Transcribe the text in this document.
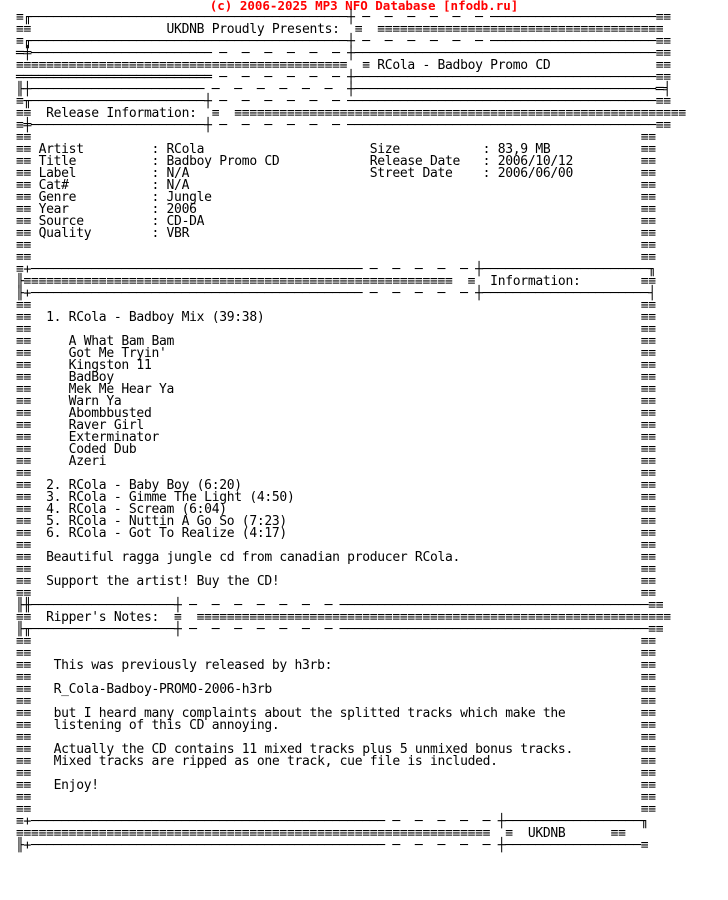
(c) 2006-2025 MP3 NFO Database [nfodb.ru]
≡╓──────────────────────────────────────────┼ ─  ─  ─  ─  ─  ─ ──────────────────────≡≡
≡≡                  UKDNB Proudly Presents:  ≡  ≡≡≡≡≡≡≡≡≡≡≡≡≡≡≡≡≡≡≡≡≡≡≡≡≡≡≡≡≡≡≡≡≡≡≡≡≡≡
≡╓──────────────────────────────────────────┼ ─  ─  ─  ─  ─  ─ ──────────────────────≡≡
═╪──────────────────────── ─  ─  ─  ─  ─  ─ ┼────────────────────────────────────────≡≡
≡≡≡≡≡≡≡≡≡≡≡≡≡≡≡≡≡≡≡≡≡≡≡≡≡≡≡≡≡≡≡≡≡≡≡≡≡≡≡≡≡≡≡≡  ≡ RCola - Badboy Promo CD              ≡≡
══════════════════════════ ─  ─  ─  ─  ─  ─ ┼────────────────────────────────────────≡≡
╟┼─────────────────────── ─  ─  ─  ─  ─  ─  ┼────────────────────────────────────────═╡
≡╥───────────────────────┼ ─  ─  ─  ─  ─  ─ ─────────────────────────────────────────≡≡
≡≡  Release Information:  ≡  ≡≡≡≡≡≡≡≡≡≡≡≡≡≡≡≡≡≡≡≡≡≡≡≡≡≡≡≡≡≡≡≡≡≡≡≡≡≡≡≡≡≡≡≡≡≡≡≡≡≡≡≡≡≡≡≡≡≡≡≡
≡╪───────────────────────┼ ─  ─  ─  ─  ─  ─ ─────────────────────────────────────────≡≡
≡≡                                                                                 ≡≡
≡≡ Artist         : RCola                      Size           : 83,9 MB            ≡≡
≡≡ Title          : Badboy Promo CD            Release Date   : 2006/10/12         ≡≡
≡≡ Label          : N/A                        Street Date    : 2006/06/00         ≡≡
≡≡ Cat#           : N/A                                                            ≡≡
≡≡ Genre          : Jungle                                                         ≡≡
≡≡ Year           : 2006                                                           ≡≡
≡≡ Source         : CD-DA                                                          ≡≡
≡≡ Quality        : VBR                                                            ≡≡
≡≡                                                                                 ≡≡
≡≡                                                                                 ≡≡
≡+──────────────────────────────────────────── ─  ─  ─  ─  ─ ┼──────────────────────╖
╟≡≡≡≡≡≡≡≡≡≡≡≡≡≡≡≡≡≡≡≡≡≡≡≡≡≡≡≡≡≡≡≡≡≡≡≡≡≡≡≡≡≡≡≡≡≡≡≡≡≡≡≡≡≡≡≡≡  ≡  Information:        ≡≡
╟+──────────────────────────────────────────── ─  ─  ─  ─  ─ ┼──────────────────────┤
≡≡                                                                                 ≡≡
≡≡  1. RCola - Badboy Mix (39:38)                                                  ≡≡
≡≡                                                                                 ≡≡
≡≡     A What Bam Bam                                                              ≡≡
≡≡     Got Me Tryin'                                                               ≡≡
≡≡     Kingston 11                                                                 ≡≡
≡≡     BadBoy                                                                      ≡≡
≡≡     Mek Me Hear Ya                                                              ≡≡
≡≡     Warn Ya                                                                     ≡≡
≡≡     Abombbusted                                                                 ≡≡
≡≡     Raver Girl                                                                  ≡≡
≡≡     Exterminator                                                                ≡≡
≡≡     Coded Dub                                                                   ≡≡
≡≡     Azeri                                                                       ≡≡
≡≡                                                                                 ≡≡
≡≡  2. RCola - Baby Boy (6:20)                                                     ≡≡
≡≡  3. RCola - Gimme The Light (4:50)                                              ≡≡
≡≡  4. RCola - Scream (6:04)                                                       ≡≡
≡≡  5. RCola - Nuttin A Go So (7:23)                                               ≡≡
≡≡  6. RCola - Got To Realize (4:17)                                               ≡≡
≡≡                                                                                 ≡≡
≡≡  Beautiful ragga jungle cd from canadian producer RCola.                        ≡≡
≡≡                                                                                 ≡≡
≡≡  Support the artist! Buy the CD!                                                ≡≡
≡≡                                                                                 ≡≡
╟╫───────────────────┼ ─  ─  ─  ─  ─  ─  ─ ─────────────────────────────────────────≡≡
≡≡  Ripper's Notes:  ≡  ≡≡≡≡≡≡≡≡≡≡≡≡≡≡≡≡≡≡≡≡≡≡≡≡≡≡≡≡≡≡≡≡≡≡≡≡≡≡≡≡≡≡≡≡≡≡≡≡≡≡≡≡≡≡≡≡≡≡≡≡≡≡≡
╟╥───────────────────┼ ─  ─  ─  ─  ─  ─  ─ ─────────────────────────────────────────≡≡
≡≡                                                                                 ≡≡
≡≡                                                                                 ≡≡
≡≡   This was previously released by h3rb:                                         ≡≡
≡≡                                                                                 ≡≡
≡≡   R_Cola-Badboy-PROMO-2006-h3rb                                                 ≡≡
≡≡                                                                                 ≡≡
≡≡   but I heard many complaints about the splitted tracks which make the          ≡≡
≡≡   listening of this CD annoying.                                                ≡≡
≡≡                                                                                 ≡≡
≡≡   Actually the CD contains 11 mixed tracks plus 5 unmixed bonus tracks.         ≡≡
≡≡   Mixed tracks are ripped as one track, cue file is included.                   ≡≡
≡≡                                                                                 ≡≡
≡≡   Enjoy!                                                                        ≡≡
≡≡                                                                                 ≡≡
≡≡                                                                                 ≡≡
≡+─────────────────────────────────────────────── ─  ─  ─  ─  ─ ┼──────────────────╖
≡≡≡≡≡≡≡≡≡≡≡≡≡≡≡≡≡≡≡≡≡≡≡≡≡≡≡≡≡≡≡≡≡≡≡≡≡≡≡≡≡≡≡≡≡≡≡≡≡≡≡≡≡≡≡≡≡≡≡≡≡≡≡  ≡  UKDNB      ≡≡
╟+─────────────────────────────────────────────── ─  ─  ─  ─  ─ ┼──────────────────≡
